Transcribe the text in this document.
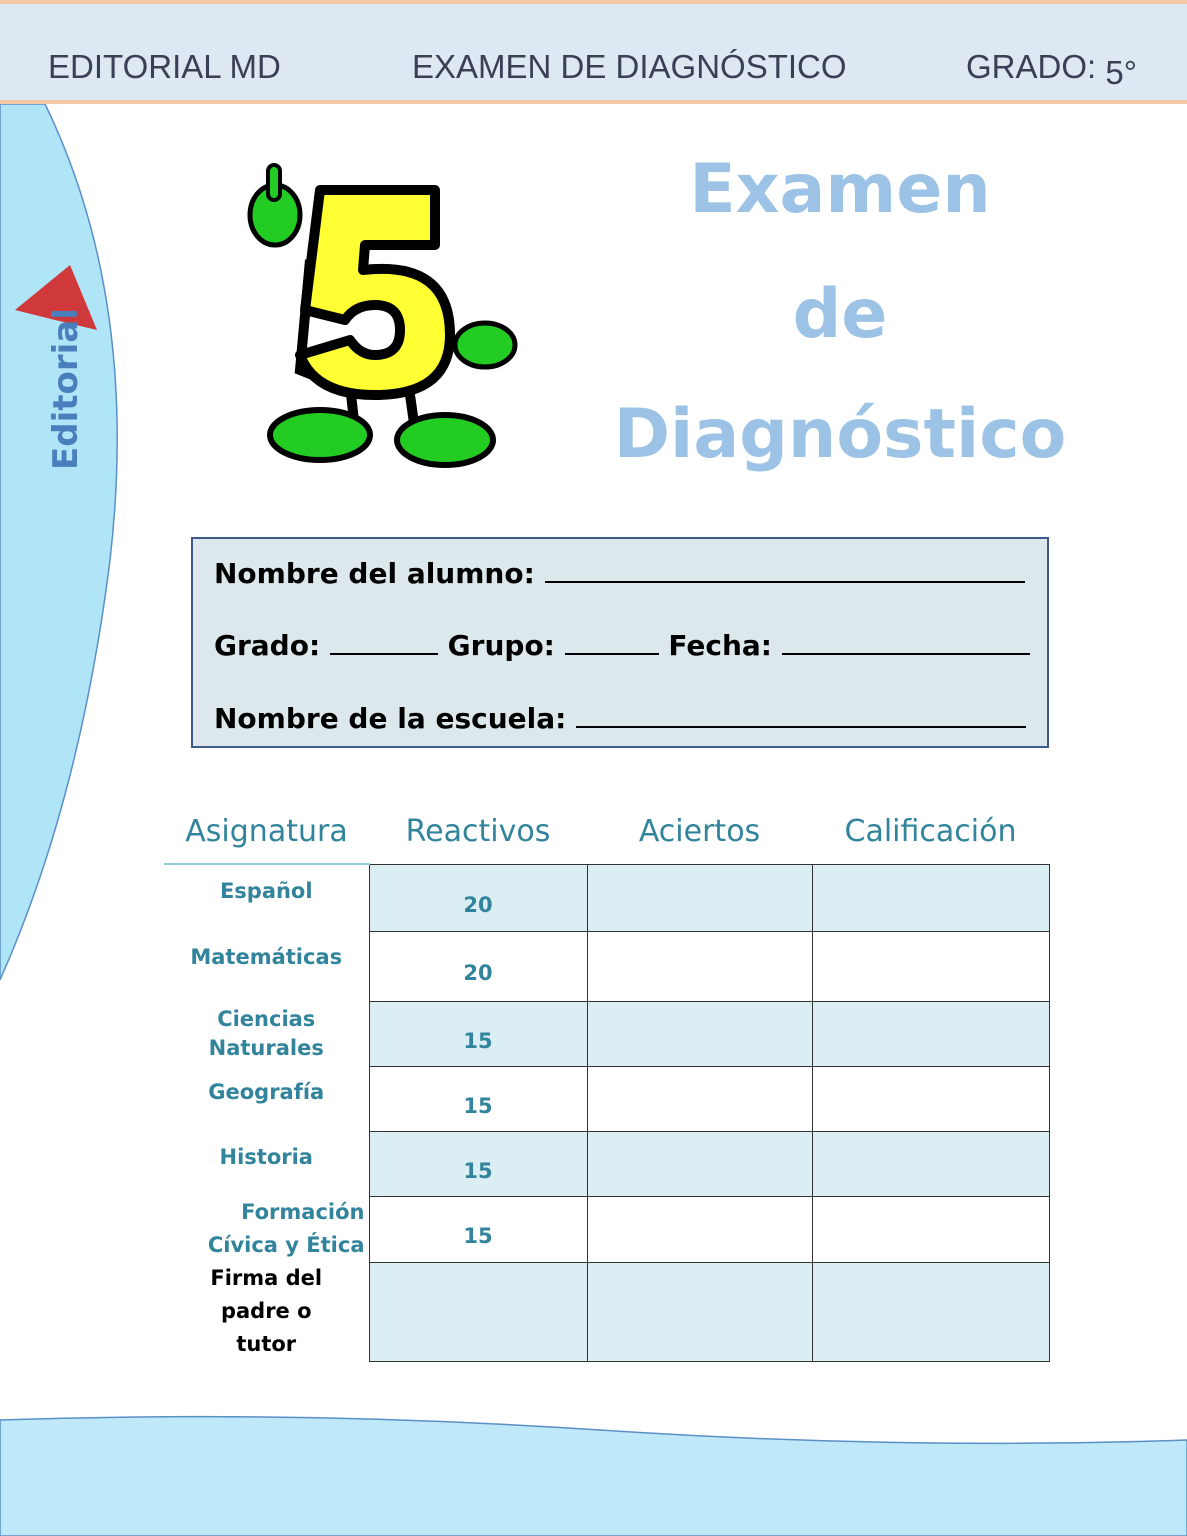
EDITORIAL MD	EXAMEN DE DIAGNÓSTICO	GRADO: 5°
Editorial
5	Examen
de
Diagnóstico
Nombre del alumno:
Grado:	Grupo:	Fecha:
Nombre de la escuela:
Asignatura	Reactivos	Aciertos	Calificación
Español	20		
Matemáticas	20		
Ciencias Naturales	15		
Geografía	15		
Historia	15		
Formación Cívica y Ética	15		
Firma del padre o tutor			
